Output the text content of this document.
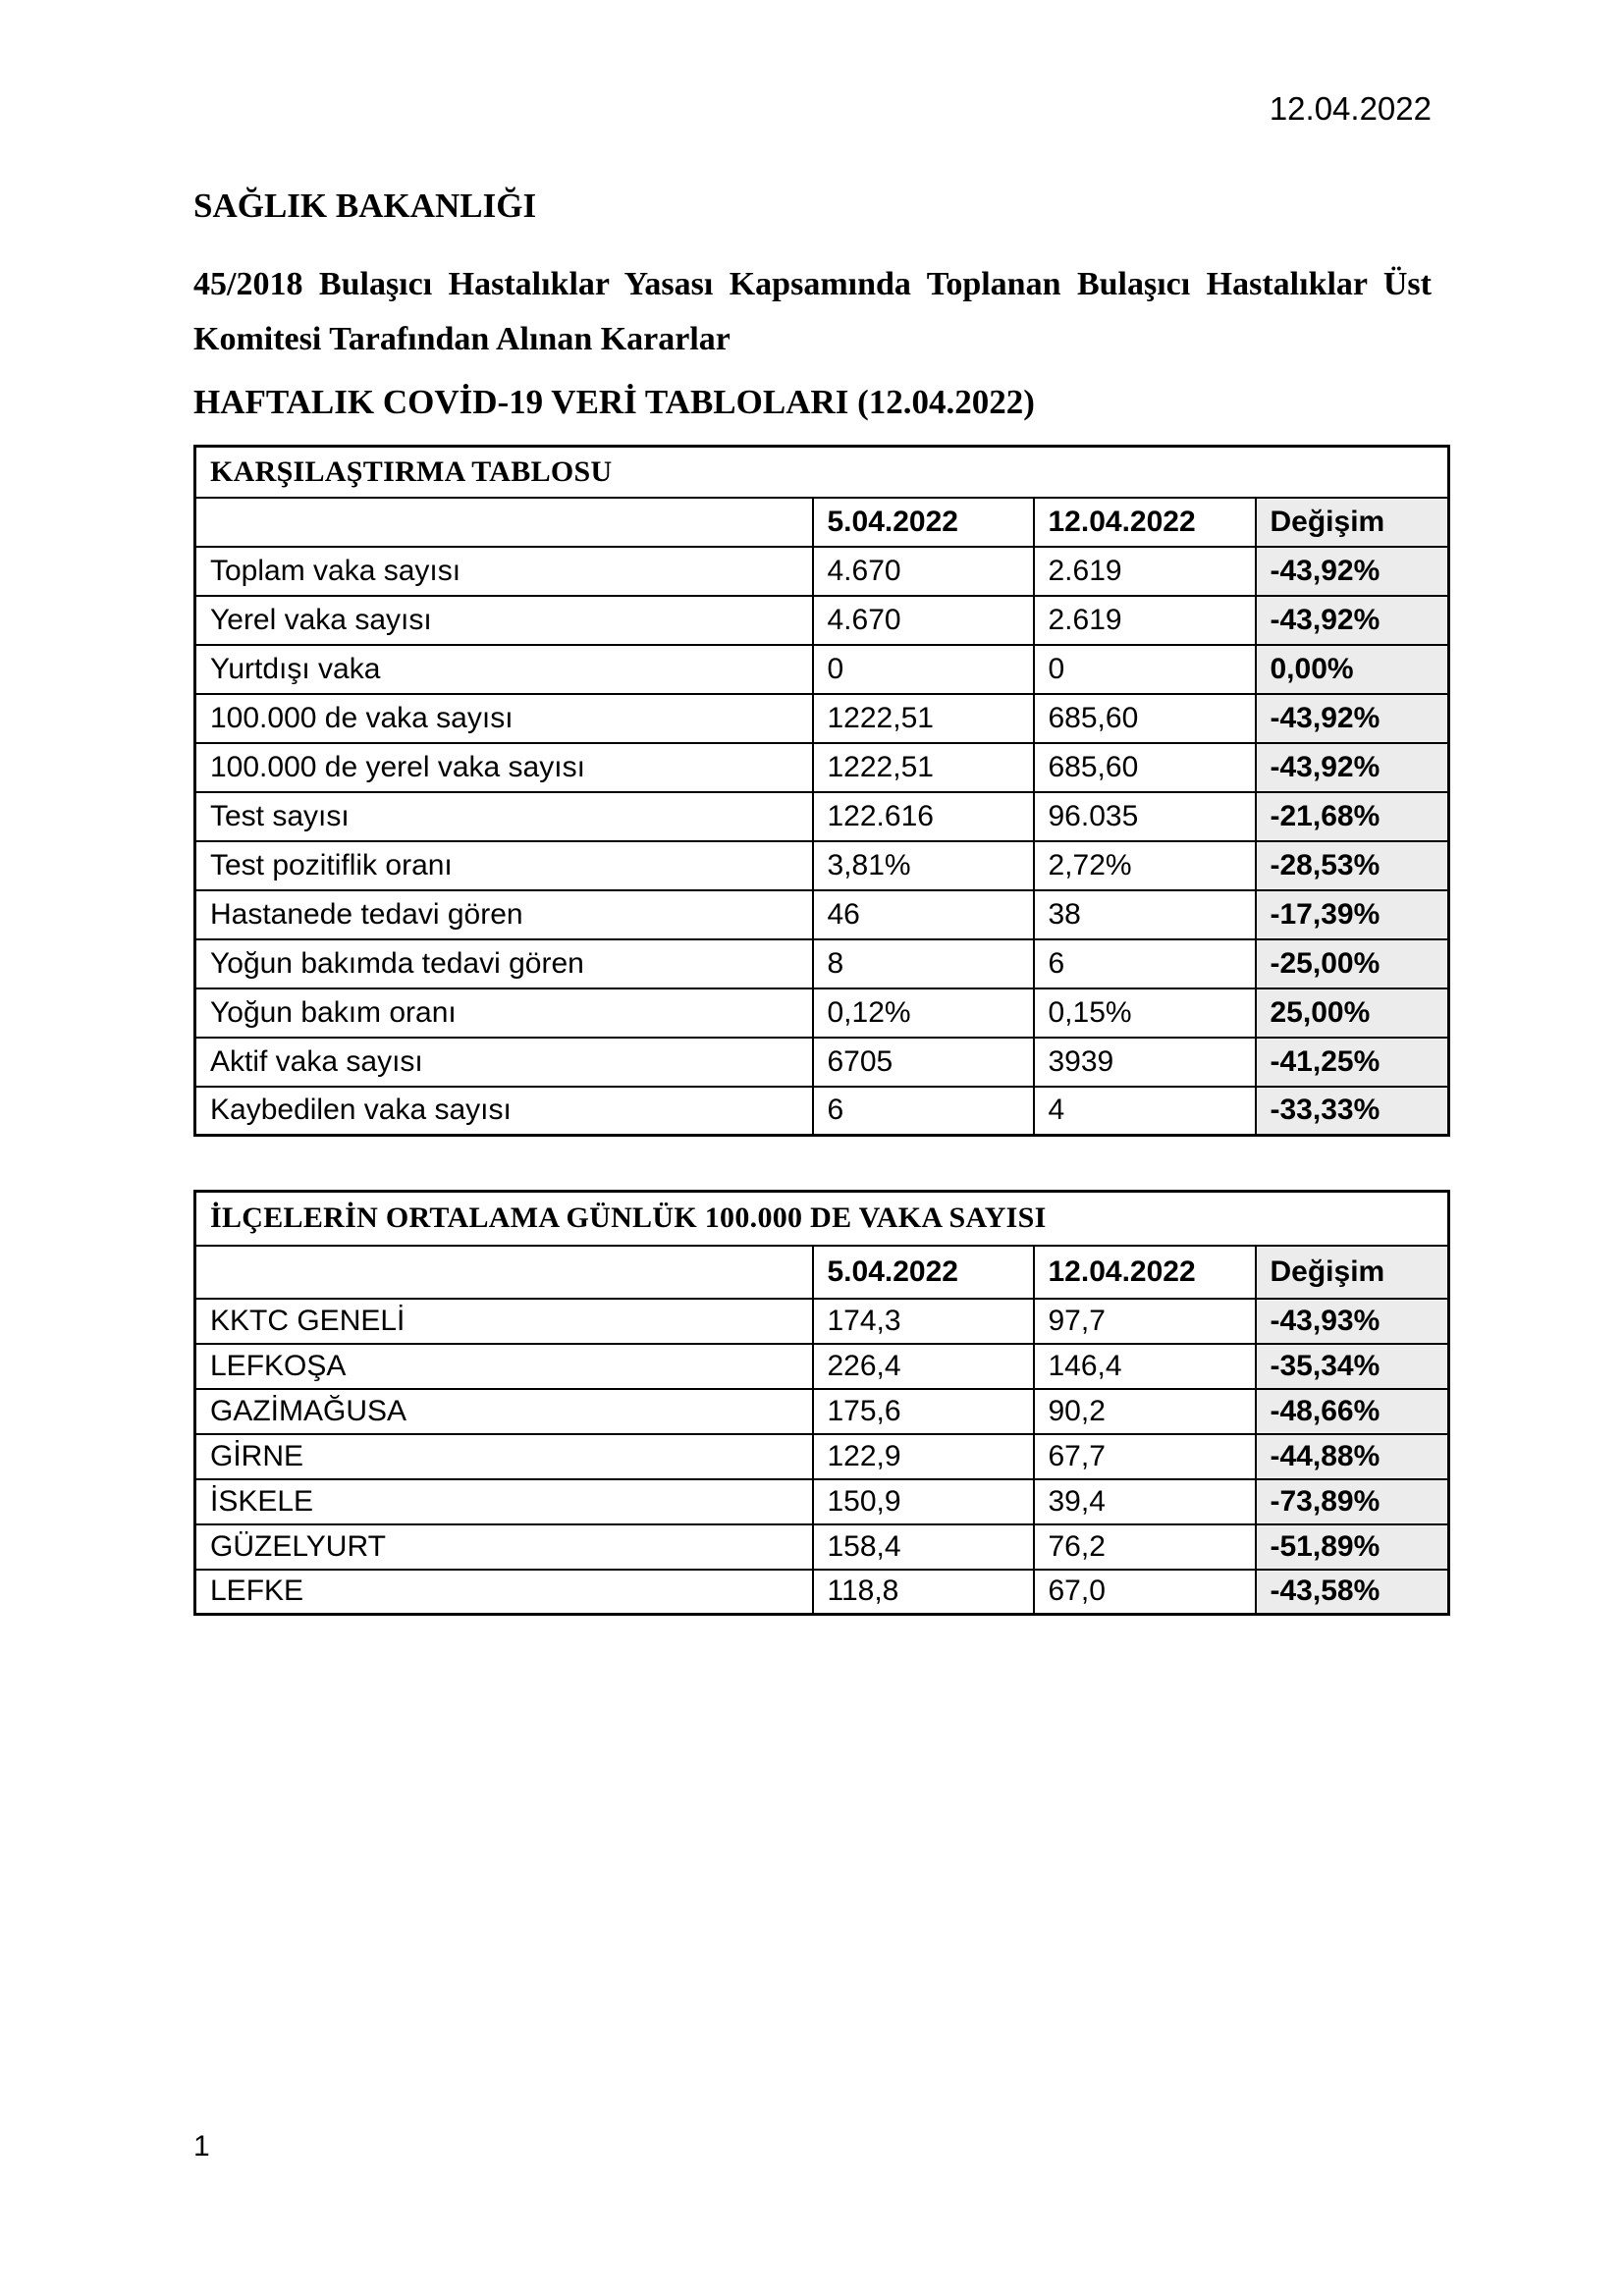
12.04.2022
SAĞLIK BAKANLIĞI

45/2018 Bulaşıcı Hastalıklar Yasası Kapsamında Toplanan Bulaşıcı Hastalıklar Üst Komitesi Tarafından Alınan Kararlar

HAFTALIK COVİD-19 VERİ TABLOLARI (12.04.2022)
KARŞILAŞTIRMA TABLOSU			
	5.04.2022	12.04.2022	Değişim
Toplam vaka sayısı	4.670	2.619	-43,92%
Yerel vaka sayısı	4.670	2.619	-43,92%
Yurtdışı vaka	0	0	0,00%
100.000 de vaka sayısı	1222,51	685,60	-43,92%
100.000 de yerel vaka sayısı	1222,51	685,60	-43,92%
Test sayısı	122.616	96.035	-21,68%
Test pozitiflik oranı	3,81%	2,72%	-28,53%
Hastanede tedavi gören	46	38	-17,39%
Yoğun bakımda tedavi gören	8	6	-25,00%
Yoğun bakım oranı	0,12%	0,15%	25,00%
Aktif vaka sayısı	6705	3939	-41,25%
Kaybedilen vaka sayısı	6	4	-33,33%
İLÇELERİN ORTALAMA GÜNLÜK 100.000 DE VAKA SAYISI			
	5.04.2022	12.04.2022	Değişim
KKTC GENELİ	174,3	97,7	-43,93%
LEFKOŞA	226,4	146,4	-35,34%
GAZİMAĞUSA	175,6	90,2	-48,66%
GİRNE	122,9	67,7	-44,88%
İSKELE	150,9	39,4	-73,89%
GÜZELYURT	158,4	76,2	-51,89%
LEFKE	118,8	67,0	-43,58%
1
